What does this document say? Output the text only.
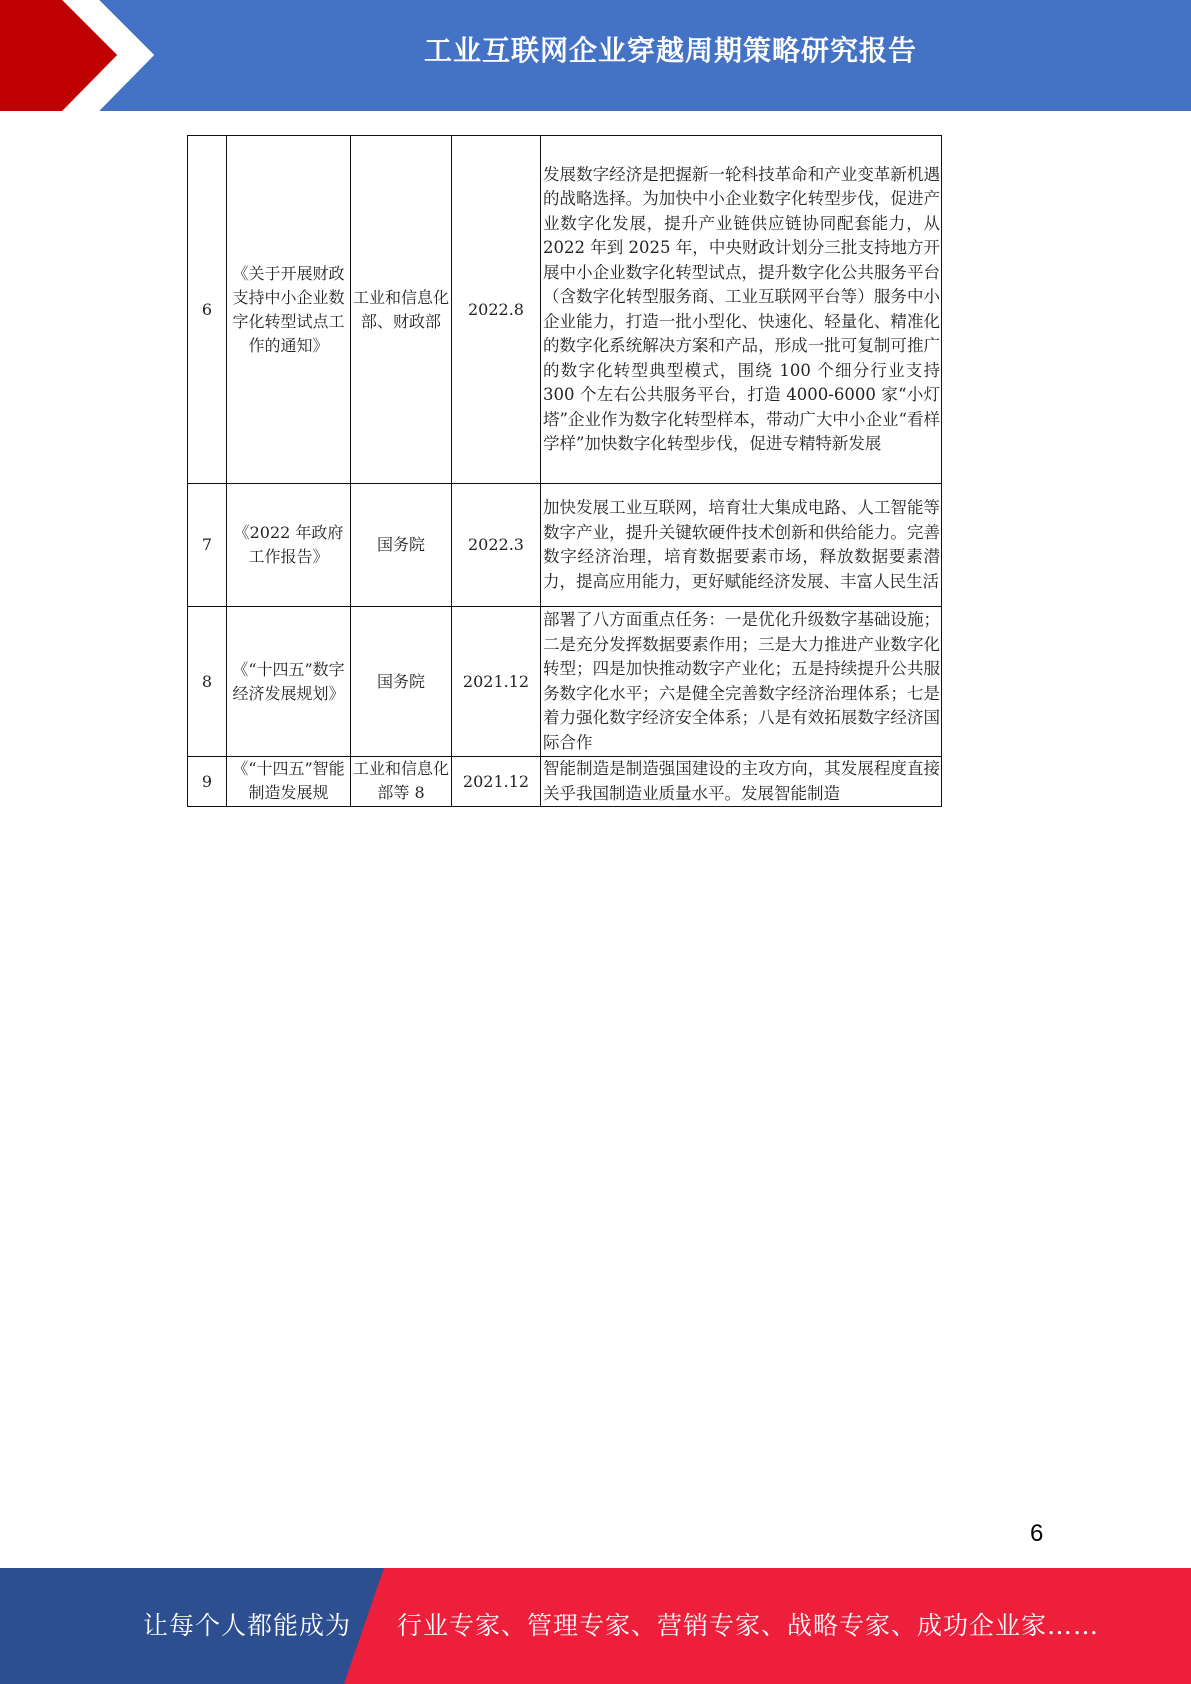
工业互联网企业穿越周期策略研究报告
6	《关于开展财政支持中小企业数字化转型试点工作的通知》	工业和信息化部、财政部	2022.8	发展数字经济是把握新一轮科技革命和产业变革新机遇的战略选择。为加快中小企业数字化转型步伐，促进产业数字化发展，提升产业链供应链协同配套能力，从 2022 年到 2025 年，中央财政计划分三批支持地方开展中小企业数字化转型试点，提升数字化公共服务平台（含数字化转型服务商、工业互联网平台等）服务中小企业能力，打造一批小型化、快速化、轻量化、精准化的数字化系统解决方案和产品，形成一批可复制可推广的数字化转型典型模式，围绕 100 个细分行业支持 300 个左右公共服务平台，打造 4000-6000 家“小灯塔”企业作为数字化转型样本，带动广大中小企业“看样学样”加快数字化转型步伐，促进专精特新发展
7	《2022 年政府工作报告》	国务院	2022.3	加快发展工业互联网，培育壮大集成电路、人工智能等数字产业，提升关键软硬件技术创新和供给能力。完善数字经济治理，培育数据要素市场，释放数据要素潜力，提高应用能力，更好赋能经济发展、丰富人民生活
8	《“十四五”数字经济发展规划》	国务院	2021.12	部署了八方面重点任务：一是优化升级数字基础设施；二是充分发挥数据要素作用；三是大力推进产业数字化转型；四是加快推动数字产业化；五是持续提升公共服务数字化水平；六是健全完善数字经济治理体系；七是着力强化数字经济安全体系；八是有效拓展数字经济国际合作
9	《“十四五”智能制造发展规	工业和信息化部等 8	2021.12	智能制造是制造强国建设的主攻方向，其发展程度直接关乎我国制造业质量水平。发展智能制造
6
让每个人都能成为 行业专家、管理专家、营销专家、战略专家、成功企业家……
